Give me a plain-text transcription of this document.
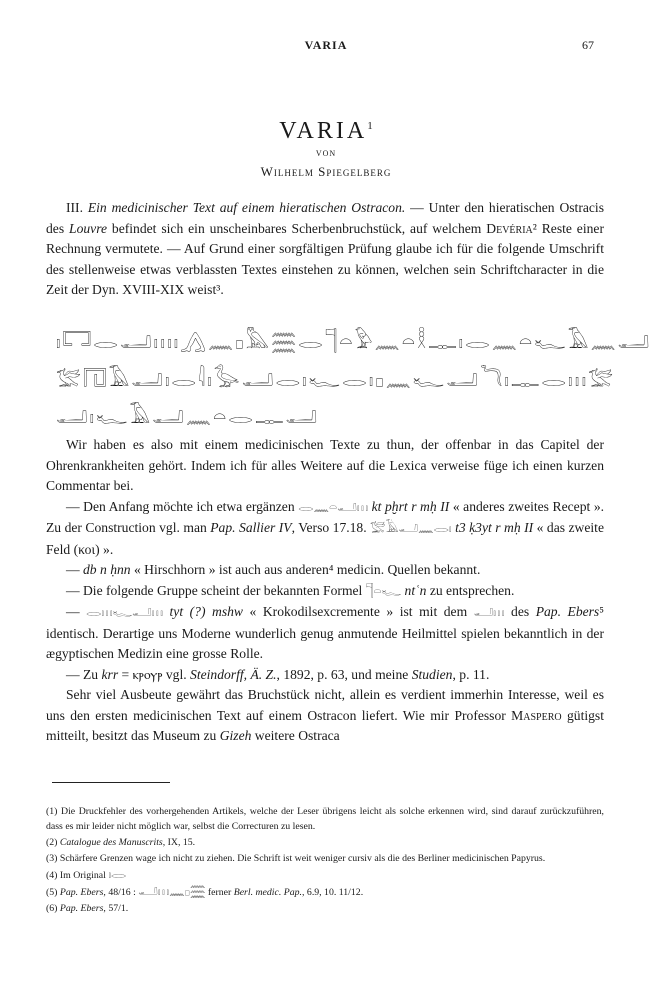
VARIA	67
VARIA$^1$
VON
Wilhelm Spiegelberg

III. Ein medicinischer Text auf einem hieratischen Ostracon. — Unter den hieratischen Ostracis des Louvre befindet sich ein unscheinbares Scherbenbruchstück, auf welchem Devéria² Reste einer Rechnung vermutete. — Auf Grund einer sorgfältigen Prüfung glaube ich für die folgende Umschrift des stellenweise etwas verblassten Textes einstehen zu können, welchen sein Schriftcharacter in die Zeit der Dyn. XVIII-XIX weist³.

𓏤𓉐𓂋𓂝𓏥𓏤𓂻𓈖𓊪𓅓𓈗𓂋𓊹𓏏𓅱𓈖𓏏𓎛𓊃𓏤𓂋𓈖𓏏𓆑𓄿𓈖𓂝
𓅛𓉔𓄿𓂝𓏤𓂋𓇋𓏤𓅭𓂝𓂋𓏤𓆑𓂋𓏤𓊪𓈖𓆑𓂝𓆓𓏤𓊃𓂋𓏥𓅛
𓂝𓏤𓆑𓄿𓂝𓈖𓏏𓂋𓊃𓂝

Wir haben es also mit einem medicinischen Texte zu thun, der offenbar in das Capitel der Ohrenkrankheiten gehört. Indem ich für alles Weitere auf die Lexica verweise füge ich einen kurzen Commentar bei.

— Den Anfang möchte ich etwa ergänzen 𓂋𓈖𓏏𓂝𓏥 kt pḫrt r mḥ II « anderes zweites Recept ». Zu der Construction vgl. man Pap. Sallier IV, Verso 17.18. 𓅛𓄿𓂝𓈖𓂋𓏤 t3 ḳ3yt r mḥ II « das zweite Feld (κοι) ».

— db n ḥnn « Hirschhorn » ist auch aus anderen⁴ medicin. Quellen bekannt.

— Die folgende Gruppe scheint der bekannten Formel 𓊹𓏏𓆑 ntʿn zu entsprechen.

— 𓂋𓏥𓆑𓂝𓏥 tyt (?) mshw « Krokodilsexcremente » ist mit dem 𓂝𓏥 des Pap. Ebers⁵ identisch. Derartige uns Moderne wunderlich genug anmutende Heilmittel spielen bekanntlich in der ægyptischen Medizin eine grosse Rolle.

— Zu krr = ⲕⲣⲟⲩⲣ vgl. Steindorff, Ä. Z., 1892, p. 63, und meine Studien, p. 11.

Sehr viel Ausbeute gewährt das Bruchstück nicht, allein es verdient immerhin Interesse, weil es uns den ersten medicinischen Text auf einem Ostracon liefert. Wie mir Professor Maspero gütigst mitteilt, besitzt das Museum zu Gizeh weitere Ostraca

(1) Die Druckfehler des vorhergehenden Artikels, welche der Leser übrigens leicht als solche erkennen wird, sind darauf zurückzuführen, dass es mir leider nicht möglich war, selbst die Correcturen zu lesen.

(2) Catalogue des Manuscrits, IX, 15.

(3) Schärfere Grenzen wage ich nicht zu ziehen. Die Schrift ist weit weniger cursiv als die des Berliner medicinischen Papyrus.

(4) Im Original 𓏤𓂋

(5) Pap. Ebers, 48/16 : 𓂝𓏥𓈖𓊪𓈗 ferner Berl. medic. Pap., 6.9, 10. 11/12.

(6) Pap. Ebers, 57/1.
